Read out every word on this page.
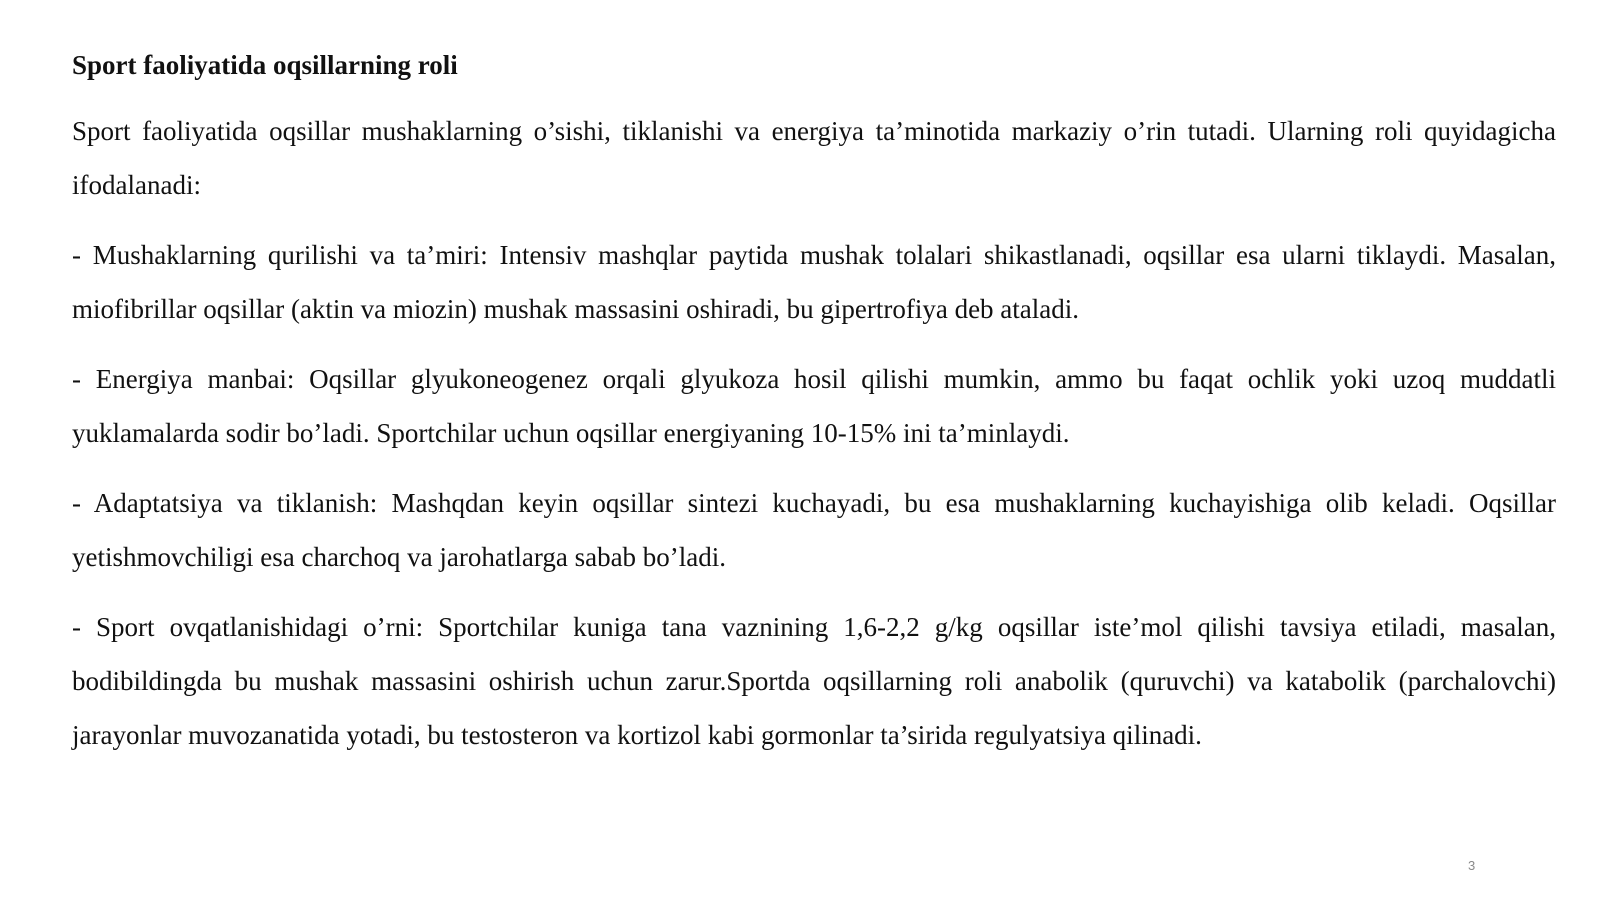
Sport faoliyatida oqsillarning roli

Sport faoliyatida oqsillar mushaklarning o’sishi, tiklanishi va energiya ta’minotida markaziy o’rin tutadi. Ularning roli quyidagicha ifodalanadi:

- Mushaklarning qurilishi va ta’miri: Intensiv mashqlar paytida mushak tolalari shikastlanadi, oqsillar esa ularni tiklaydi. Masalan, miofibrillar oqsillar (aktin va miozin) mushak massasini oshiradi, bu gipertrofiya deb ataladi.

- Energiya manbai: Oqsillar glyukoneogenez orqali glyukoza hosil qilishi mumkin, ammo bu faqat ochlik yoki uzoq muddatli yuklamalarda sodir bo’ladi. Sportchilar uchun oqsillar energiyaning 10-15% ini ta’minlaydi.

- Adaptatsiya va tiklanish: Mashqdan keyin oqsillar sintezi kuchayadi, bu esa mushaklarning kuchayishiga olib keladi. Oqsillar yetishmovchiligi esa charchoq va jarohatlarga sabab bo’ladi.

- Sport ovqatlanishidagi o’rni: Sportchilar kuniga tana vaznining 1,6-2,2 g/kg oqsillar iste’mol qilishi tavsiya etiladi, masalan, bodibildingda bu mushak massasini oshirish uchun zarur.Sportda oqsillarning roli anabolik (quruvchi) va katabolik (parchalovchi) jarayonlar muvozanatida yotadi, bu testosteron va kortizol kabi gormonlar ta’sirida regulyatsiya qilinadi.

3
